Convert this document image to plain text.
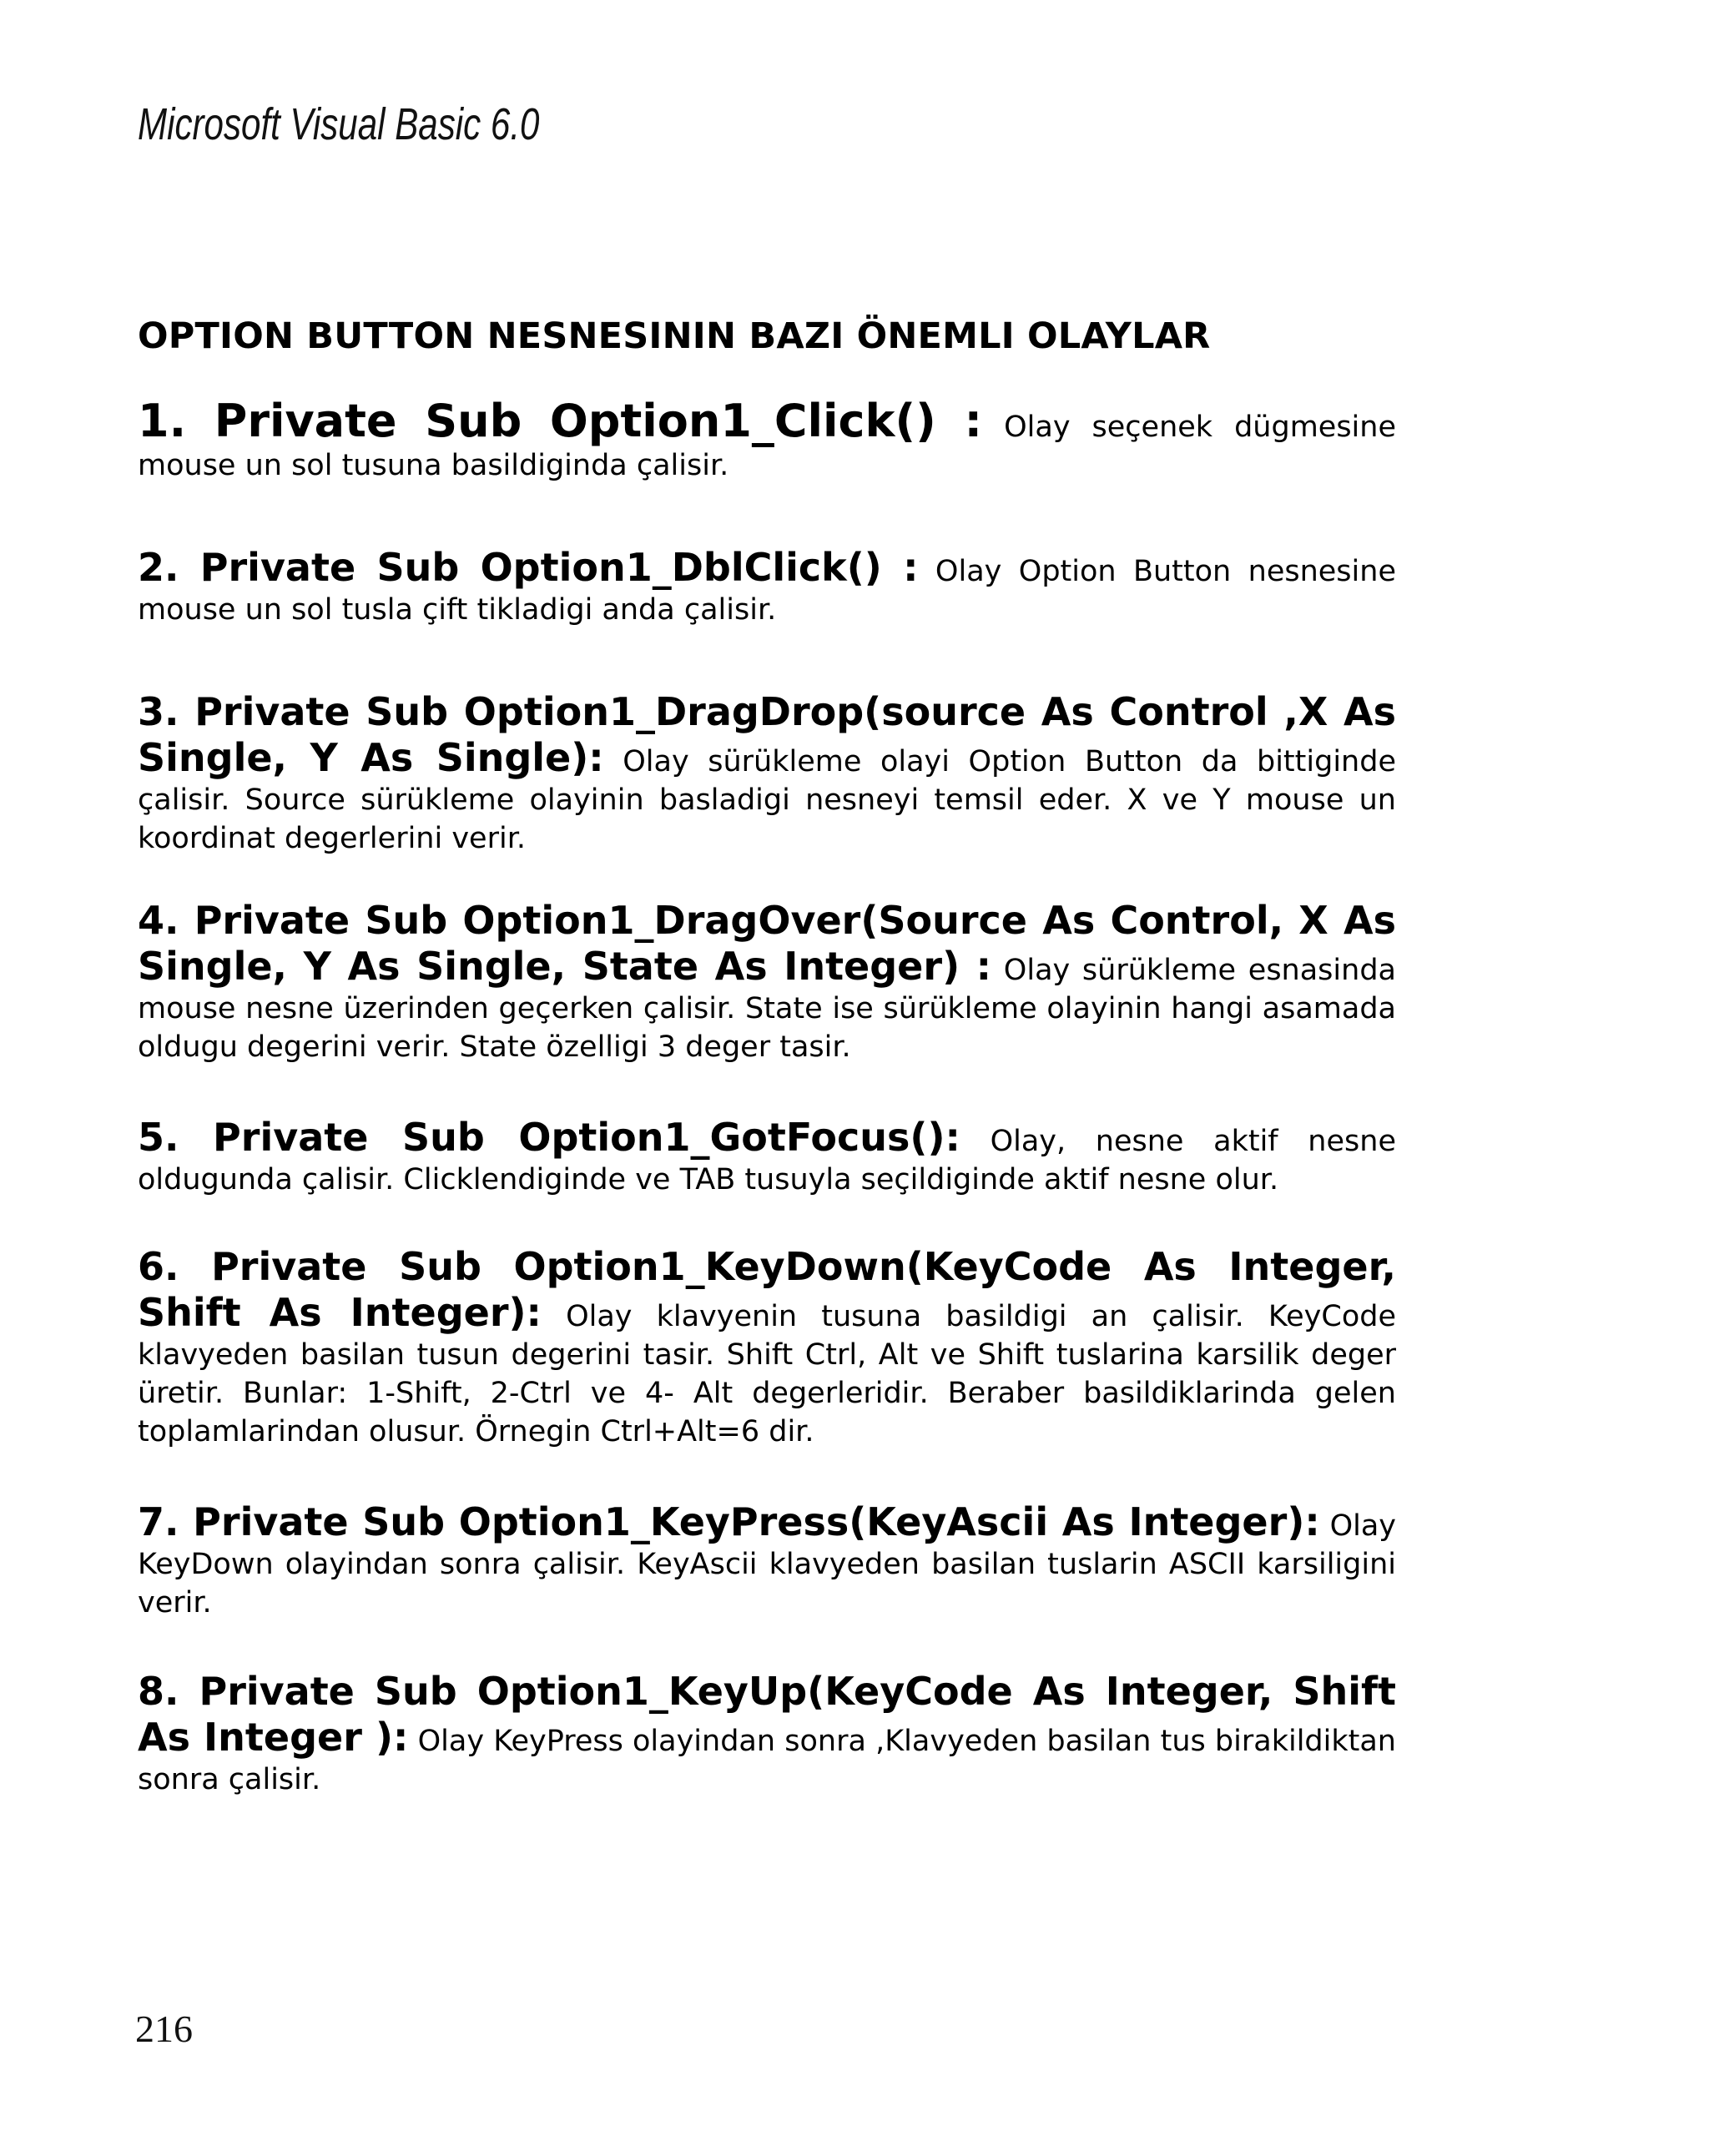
Microsoft Visual Basic 6.0
OPTION BUTTON NESNESININ BAZI ÖNEMLI OLAYLAR

1. Private Sub Option1_Click() : Olay seçenek dügmesine mouse un sol tusuna basildiginda çalisir.

2. Private Sub Option1_DblClick() : Olay Option Button nesnesine mouse un sol tusla çift tikladigi anda çalisir.

3. Private Sub Option1_DragDrop(source As Control ,X As Single, Y As Single): Olay sürükleme olayi Option Button da bittiginde çalisir. Source sürükleme olayinin basladigi nesneyi temsil eder. X ve Y mouse un koordinat degerlerini verir.

4. Private Sub Option1_DragOver(Source As Control, X As Single, Y As Single, State As Integer) : Olay sürükleme esnasinda mouse nesne üzerinden geçerken çalisir. State ise sürükleme olayinin hangi asamada oldugu degerini verir. State özelligi 3 deger tasir.

5. Private Sub Option1_GotFocus(): Olay, nesne aktif nesne oldugunda çalisir. Clicklendiginde ve TAB tusuyla seçildiginde aktif nesne olur.

6. Private Sub Option1_KeyDown(KeyCode As Integer, Shift As Integer): Olay klavyenin tusuna basildigi an çalisir. KeyCode klavyeden basilan tusun degerini tasir. Shift Ctrl, Alt ve Shift tuslarina karsilik deger üretir. Bunlar: 1-Shift, 2-Ctrl ve 4- Alt degerleridir. Beraber basildiklarinda gelen toplamlarindan olusur. Örnegin Ctrl+Alt=6 dir.

7. Private Sub Option1_KeyPress(KeyAscii As Integer): Olay KeyDown olayindan sonra çalisir. KeyAscii klavyeden basilan tuslarin ASCII karsiligini verir.

8. Private Sub Option1_KeyUp(KeyCode As Integer, Shift As Integer ): Olay KeyPress olayindan sonra ,Klavyeden basilan tus birakildiktan sonra çalisir.

216
